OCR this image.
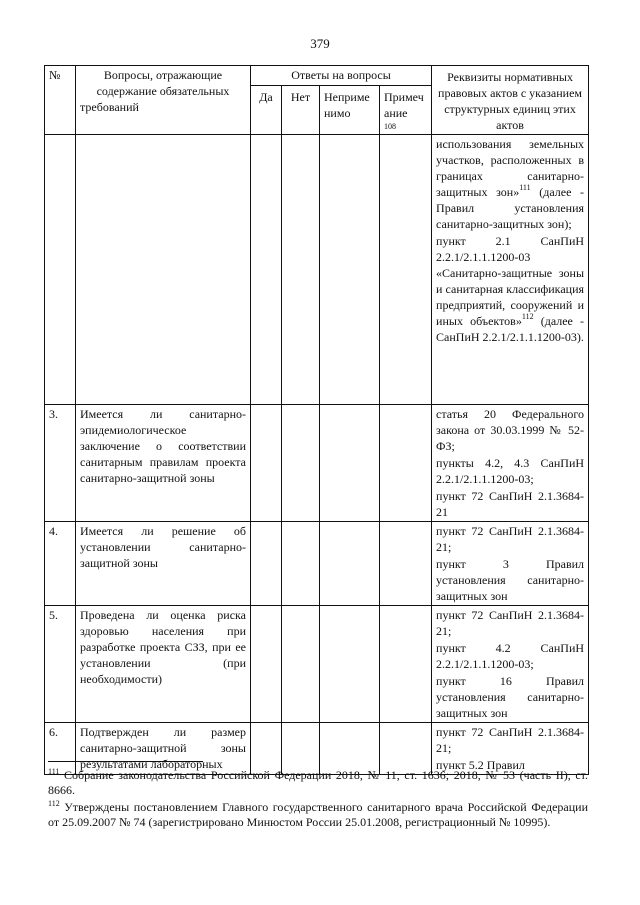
379
№	Вопросы, отражающие содержание обязательных требований	Ответы на вопросы				Реквизиты нормативных правовых актов с указанием структурных единиц этих актов
		Да	Нет	Неприменимо	Примечание
108	

						использования земельных участков, расположенных в границах санитарно-защитных зон»$^{111}$ (далее - Правил установления санитарно-защитных зон);
пункт 2.1 СанПиН 2.2.1/2.1.1.1200-03 «Санитарно-защитные зоны и санитарная классификация предприятий, сооружений и иных объектов»$^{112}$ (далее - СанПиН 2.2.1/2.1.1.1200-03).

3.	Имеется ли санитарно-эпидемиологическое заключение о соответствии санитарным правилам проекта санитарно-защитной зоны					статья 20 Федерального закона от 30.03.1999 № 52-ФЗ;
пункты 4.2, 4.3 СанПиН 2.2.1/2.1.1.1200-03;
пункт 72 СанПиН 2.1.3684-21

4.	Имеется ли решение об установлении санитарно-защитной зоны					пункт 72 СанПиН 2.1.3684-21;
пункт 3 Правил установления санитарно-защитных зон

5.	Проведена ли оценка риска здоровью населения при разработке проекта СЗЗ, при ее установлении (при необходимости)					пункт 72 СанПиН 2.1.3684-21;
пункт 4.2 СанПиН 2.2.1/2.1.1.1200-03;
пункт 16 Правил установления санитарно-защитных зон

6.	Подтвержден ли размер санитарно-защитной зоны результатами лабораторных					пункт 72 СанПиН 2.1.3684-21;
пункт 5.2 Правил

$^{111}$ Собрание законодательства Российской Федерации 2018, № 11, ст. 1636; 2018, № 53 (часть II), ст. 8666.

$^{112}$ Утверждены постановлением Главного государственного санитарного врача Российской Федерации от 25.09.2007 № 74 (зарегистрировано Минюстом России 25.01.2008, регистрационный № 10995).
